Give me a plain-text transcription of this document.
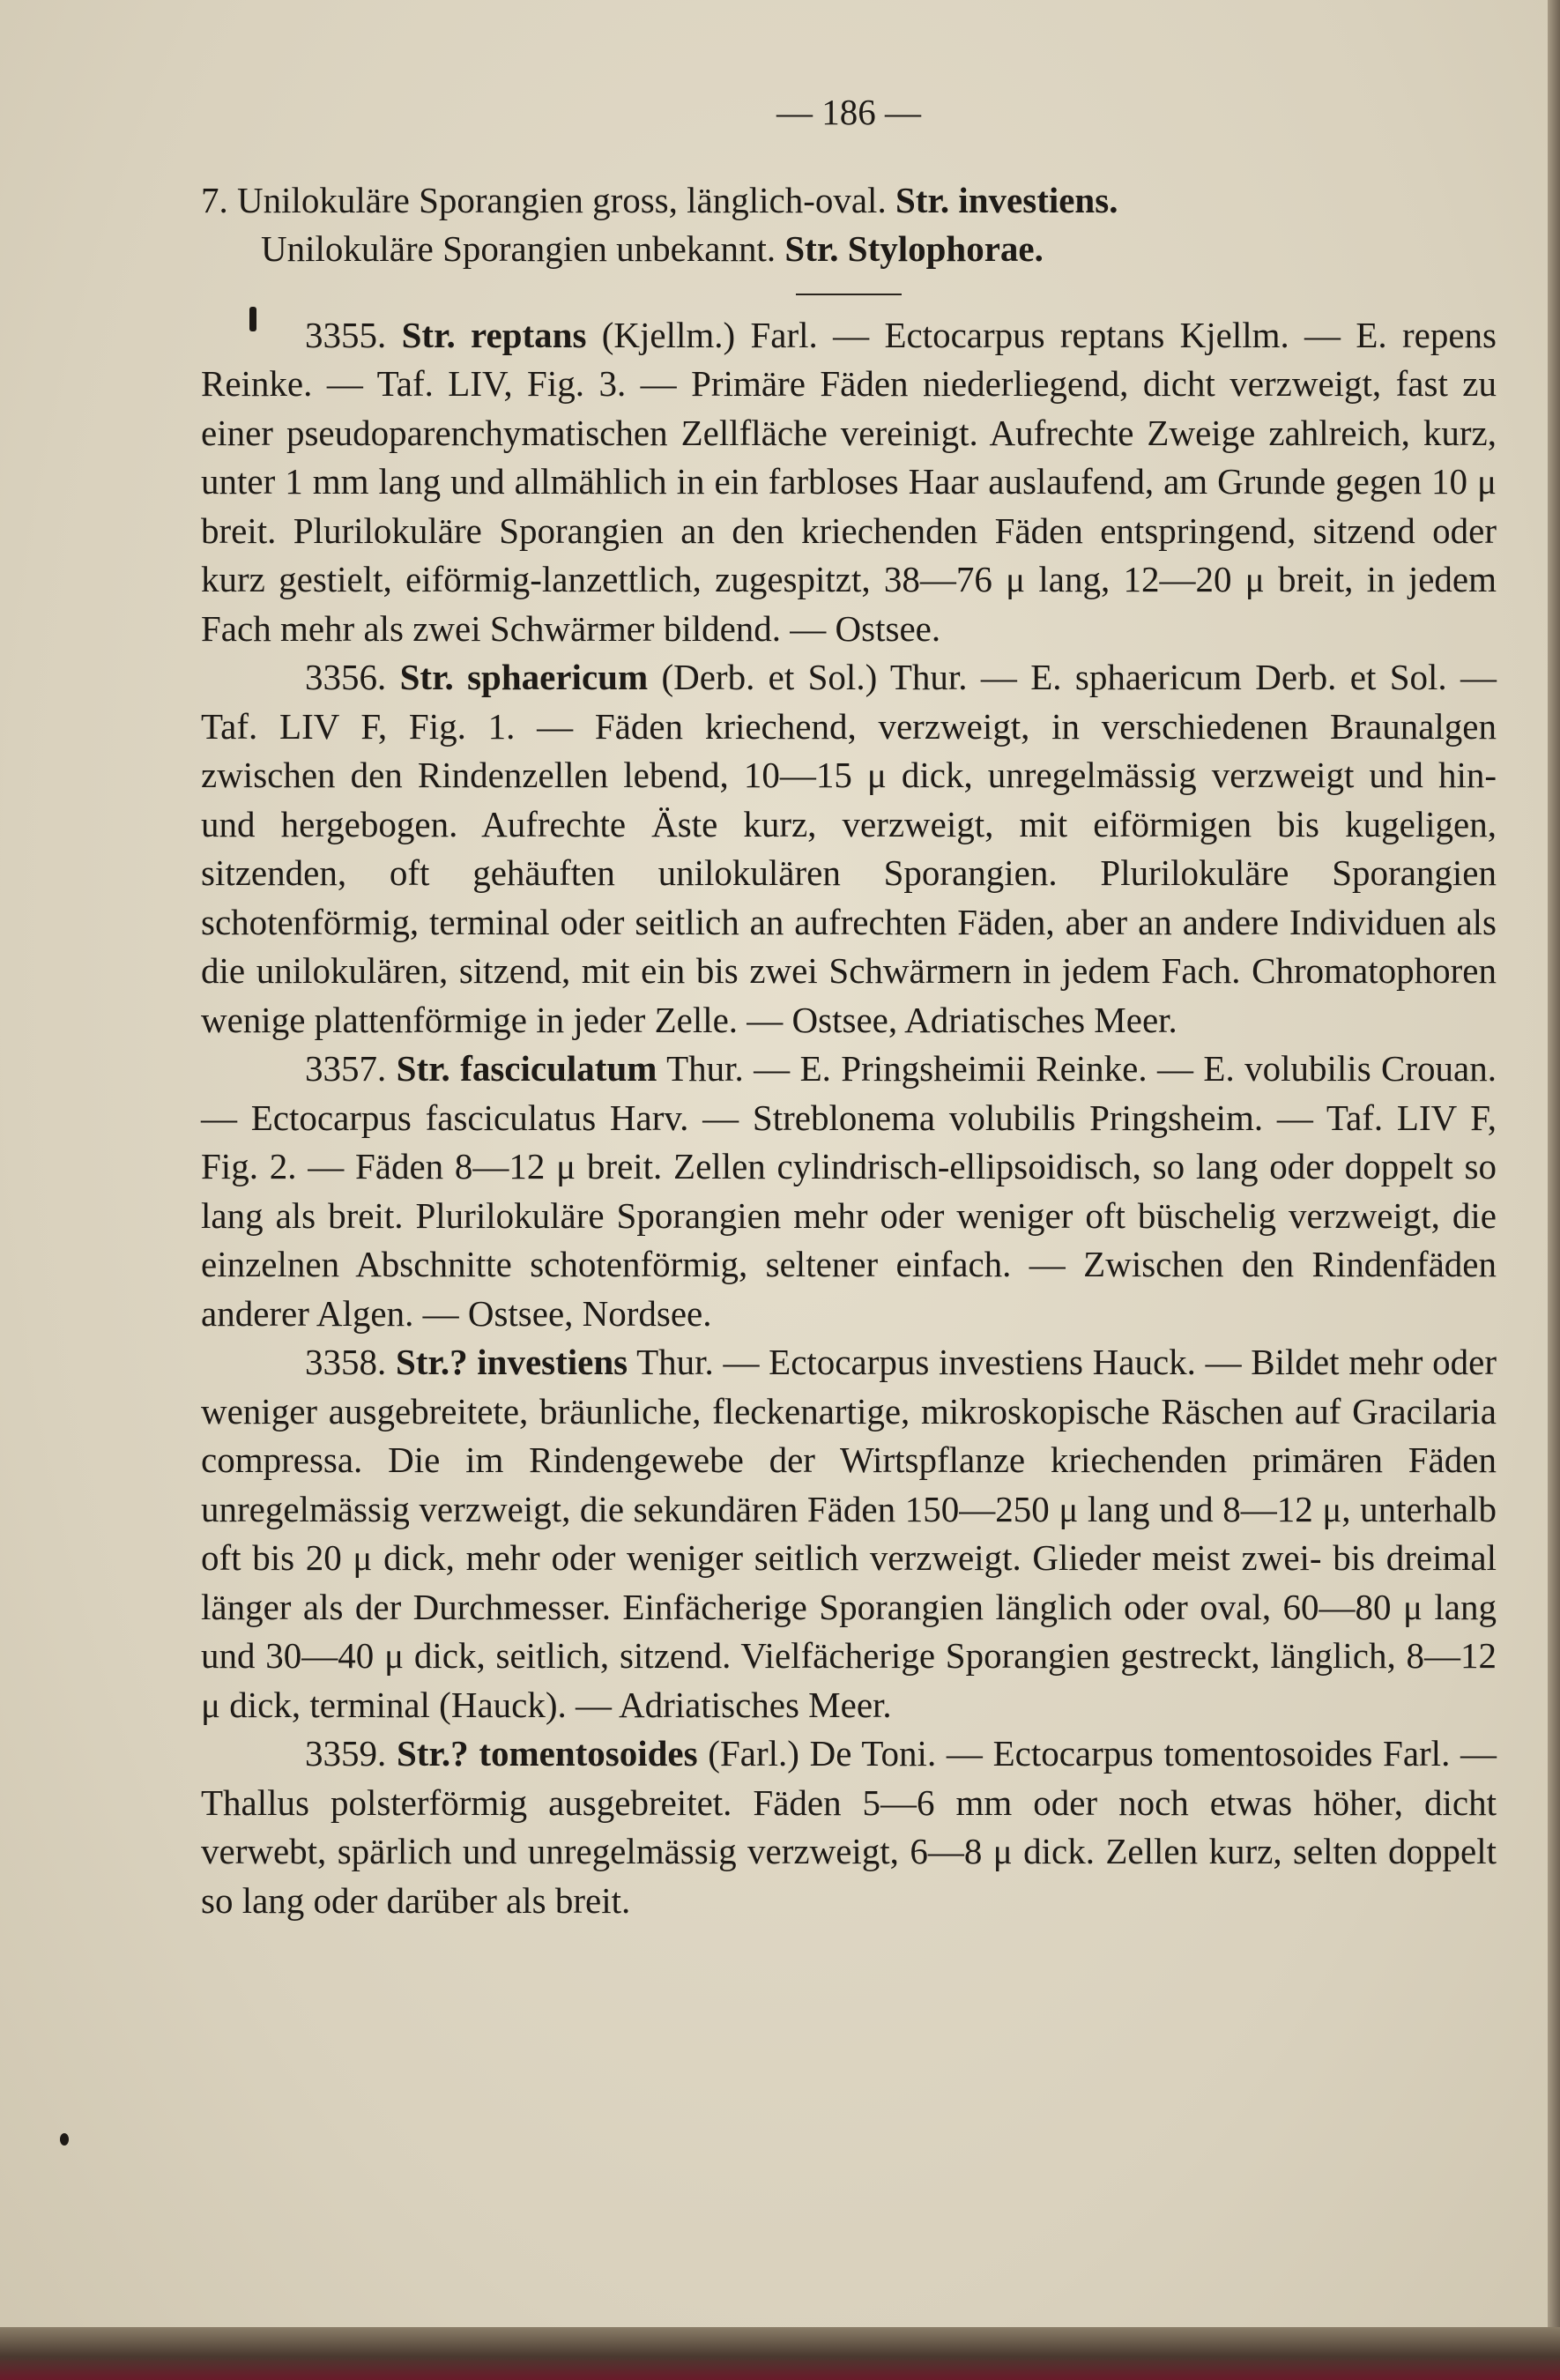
— 186 —

7. Unilokuläre Sporangien gross, länglich-oval. Str. investiens.

Unilokuläre Sporangien unbekannt. Str. Stylophorae.

3355. Str. reptans (Kjellm.) Farl. — Ectocarpus reptans Kjellm. — E. repens Reinke. — Taf. LIV, Fig. 3. — Primäre Fäden niederliegend, dicht verzweigt, fast zu einer pseudoparenchymatischen Zellfläche vereinigt. Aufrechte Zweige zahlreich, kurz, unter 1 mm lang und allmählich in ein farbloses Haar auslaufend, am Grunde gegen 10 μ breit. Plurilokuläre Sporangien an den kriechenden Fäden entspringend, sitzend oder kurz gestielt, eiförmig-lanzettlich, zugespitzt, 38—76 μ lang, 12—20 μ breit, in jedem Fach mehr als zwei Schwärmer bildend. — Ostsee.

3356. Str. sphaericum (Derb. et Sol.) Thur. — E. sphaericum Derb. et Sol. — Taf. LIV F, Fig. 1. — Fäden kriechend, verzweigt, in verschiedenen Braunalgen zwischen den Rindenzellen lebend, 10—15 μ dick, unregelmässig verzweigt und hin- und hergebogen. Aufrechte Äste kurz, verzweigt, mit eiförmigen bis kugeligen, sitzenden, oft gehäuften unilokulären Sporangien. Plurilokuläre Sporangien schotenförmig, terminal oder seitlich an aufrechten Fäden, aber an andere Individuen als die unilokulären, sitzend, mit ein bis zwei Schwärmern in jedem Fach. Chromatophoren wenige plattenförmige in jeder Zelle. — Ostsee, Adriatisches Meer.

3357. Str. fasciculatum Thur. — E. Pringsheimii Reinke. — E. volubilis Crouan. — Ectocarpus fasciculatus Harv. — Streblonema volubilis Pringsheim. — Taf. LIV F, Fig. 2. — Fäden 8—12 μ breit. Zellen cylindrisch-ellipsoidisch, so lang oder doppelt so lang als breit. Plurilokuläre Sporangien mehr oder weniger oft büschelig verzweigt, die einzelnen Abschnitte schotenförmig, seltener einfach. — Zwischen den Rindenfäden anderer Algen. — Ostsee, Nordsee.

3358. Str.? investiens Thur. — Ectocarpus investiens Hauck. — Bildet mehr oder weniger ausgebreitete, bräunliche, fleckenartige, mikroskopische Räschen auf Gracilaria compressa. Die im Rindengewebe der Wirtspflanze kriechenden primären Fäden unregelmässig verzweigt, die sekundären Fäden 150—250 μ lang und 8—12 μ, unterhalb oft bis 20 μ dick, mehr oder weniger seitlich verzweigt. Glieder meist zwei- bis dreimal länger als der Durchmesser. Einfächerige Sporangien länglich oder oval, 60—80 μ lang und 30—40 μ dick, seitlich, sitzend. Vielfächerige Sporangien gestreckt, länglich, 8—12 μ dick, terminal (Hauck). — Adriatisches Meer.

3359. Str.? tomentosoides (Farl.) De Toni. — Ectocarpus tomentosoides Farl. — Thallus polsterförmig ausgebreitet. Fäden 5—6 mm oder noch etwas höher, dicht verwebt, spärlich und unregelmässig verzweigt, 6—8 μ dick. Zellen kurz, selten doppelt so lang oder darüber als breit.
